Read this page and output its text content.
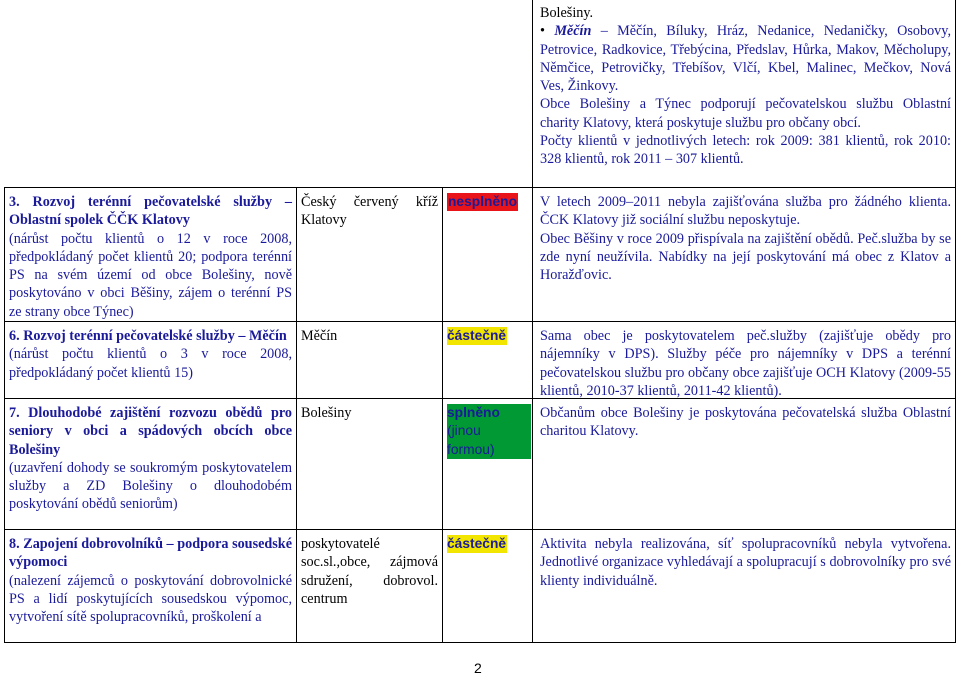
Bolešiny.

• Měčín – Měčín, Bíluky, Hráz, Nedanice, Nedaničky, Osobovy, Petrovice, Radkovice, Třebýcina, Předslav, Hůrka, Makov, Měcholupy, Němčice, Petrovičky, Třebíšov, Vlčí, Kbel, Malinec, Mečkov, Nová Ves, Žinkovy.

Obce Bolešiny a Týnec podporují pečovatelskou službu Oblastní charity Klatovy, která poskytuje službu pro občany obcí.

Počty klientů v jednotlivých letech: rok 2009: 381 klientů, rok 2010: 328 klientů, rok 2011 – 307 klientů.

3. Rozvoj terénní pečovatelské služby – Oblastní spolek ČČK Klatovy
(nárůst počtu klientů o 12 v roce 2008, předpokládaný počet klientů 20; podpora terénní PS na svém území od obce Bolešiny, nově poskytováno v obci Běšiny, zájem o terénní PS ze strany obce Týnec)
Český červený kříž Klatovy
nesplněno V letech 2009–2011 nebyla zajišťována služba pro žádného klienta. ČCK Klatovy již sociální službu neposkytuje.
Obec Běšiny v roce 2009 přispívala na zajištění obědů. Peč.služba by se zde nyní neužívila. Nabídky na její poskytování má obec z Klatov a Horažďovic.
6. Rozvoj terénní pečovatelské služby – Měčín
(nárůst počtu klientů o 3 v roce 2008, předpokládaný počet klientů 15)
Měčín	částečně Sama obec je poskytovatelem peč.služby (zajišťuje obědy pro nájemníky v DPS). Služby péče pro nájemníky v DPS a terénní pečovatelskou službu pro občany obce zajišťuje OCH Klatovy (2009-55 klientů, 2010-37 klientů, 2011-42 klientů).
7. Dlouhodobé zajištění rozvozu obědů pro seniory v obci a spádových obcích obce Bolešiny
(uzavření dohody se soukromým poskytovatelem služby a ZD Bolešiny o dlouhodobém poskytování obědů seniorům)
Bolešiny	splněno
(jinou formou)
Občanům obce Bolešiny je poskytována pečovatelská služba Oblastní charitou Klatovy.
8. Zapojení dobrovolníků – podpora sousedské výpomoci
(nalezení zájemců o poskytování dobrovolnické PS a lidí poskytujících sousedskou výpomoc, vytvoření sítě spolupracovníků, proškolení a
poskytovatelé soc.sl.,obce, zájmová sdružení, dobrovol. centrum
částečně Aktivita nebyla realizována, síť spolupracovníků nebyla vytvořena. Jednotlivé organizace vyhledávají a spolupracují s dobrovolníky pro své klienty individuálně.
2
